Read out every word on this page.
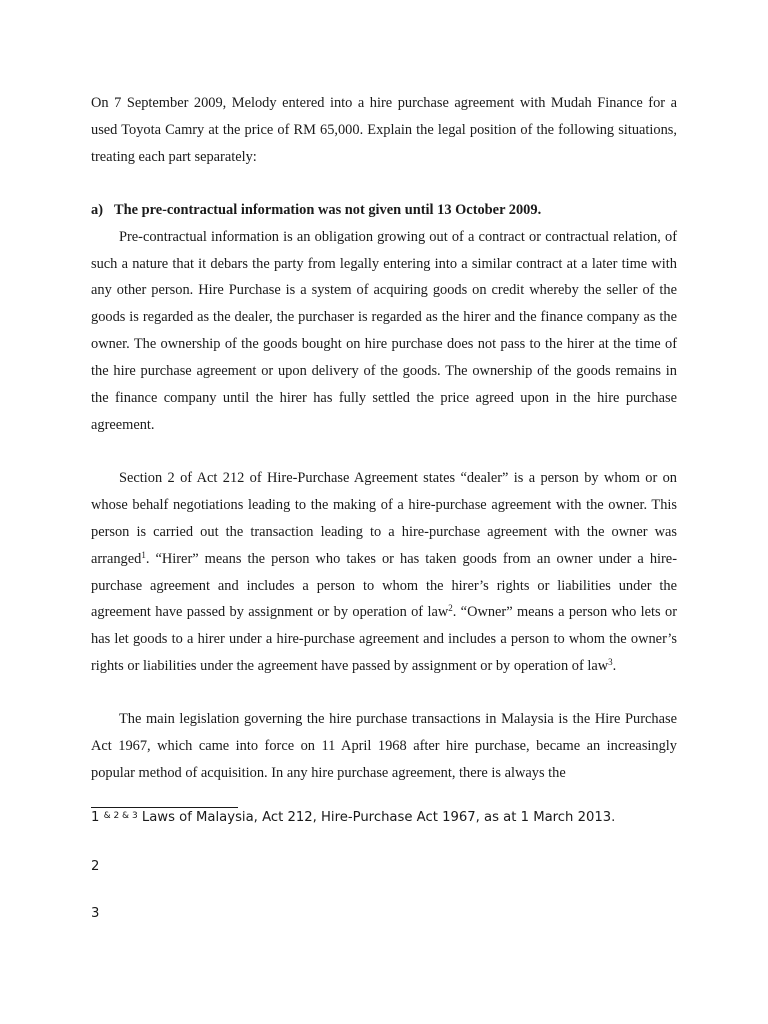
On 7 September 2009, Melody entered into a hire purchase agreement with Mudah Finance for a used Toyota Camry at the price of RM 65,000. Explain the legal position of the following situations, treating each part separately:

a) The pre-contractual information was not given until 13 October 2009.

Pre-contractual information is an obligation growing out of a contract or contractual relation, of such a nature that it debars the party from legally entering into a similar contract at a later time with any other person. Hire Purchase is a system of acquiring goods on credit whereby the seller of the goods is regarded as the dealer, the purchaser is regarded as the hirer and the finance company as the owner. The ownership of the goods bought on hire purchase does not pass to the hirer at the time of the hire purchase agreement or upon delivery of the goods. The ownership of the goods remains in the finance company until the hirer has fully settled the price agreed upon in the hire purchase agreement.

Section 2 of Act 212 of Hire-Purchase Agreement states “dealer” is a person by whom or on whose behalf negotiations leading to the making of a hire-purchase agreement with the owner. This person is carried out the transaction leading to a hire-purchase agreement with the owner was arranged$^1$. “Hirer” means the person who takes or has taken goods from an owner under a hire-purchase agreement and includes a person to whom the hirer’s rights or liabilities under the agreement have passed by assignment or by operation of law$^2$. “Owner” means a person who lets or has let goods to a hirer under a hire-purchase agreement and includes a person to whom the owner’s rights or liabilities under the agreement have passed by assignment or by operation of law$^3$.

The main legislation governing the hire purchase transactions in Malaysia is the Hire Purchase Act 1967, which came into force on 11 April 1968 after hire purchase, became an increasingly popular method of acquisition. In any hire purchase agreement, there is always the

1 $^{\& 2 \& 3}$ Laws of Malaysia, Act 212, Hire-Purchase Act 1967, as at 1 March 2013.
2
3
